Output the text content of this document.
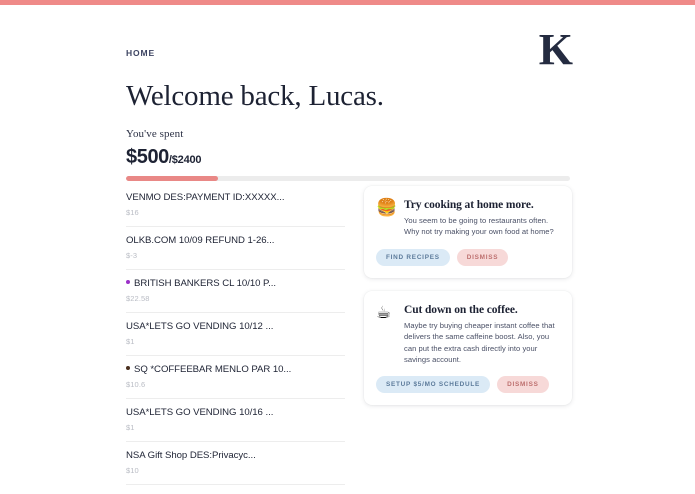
HOME	K
Welcome back, Lucas.
You've spent
$500 /$2400
VENMO DES:PAYMENT ID:XXXXX...
$16
OLKB.COM 10/09 REFUND 1-26...
$-3
BRITISH BANKERS CL 10/10 P...
$22.58
USA*LETS GO VENDING 10/12 ...
$1
SQ *COFFEEBAR MENLO PAR 10...
$10.6
USA*LETS GO VENDING 10/16 ...
$1
NSA Gift Shop DES:Privacyc...
$10
🍔 Try cooking at home more.
You seem to be going to restaurants often. Why not try making your own food at home?
FIND RECIPES	DISMISS
☕	Cut down on the coffee.
Maybe try buying cheaper instant coffee that delivers the same caffeine boost. Also, you can put the extra cash directly into your savings account.
SETUP $5/MO SCHEDULE	DISMISS
